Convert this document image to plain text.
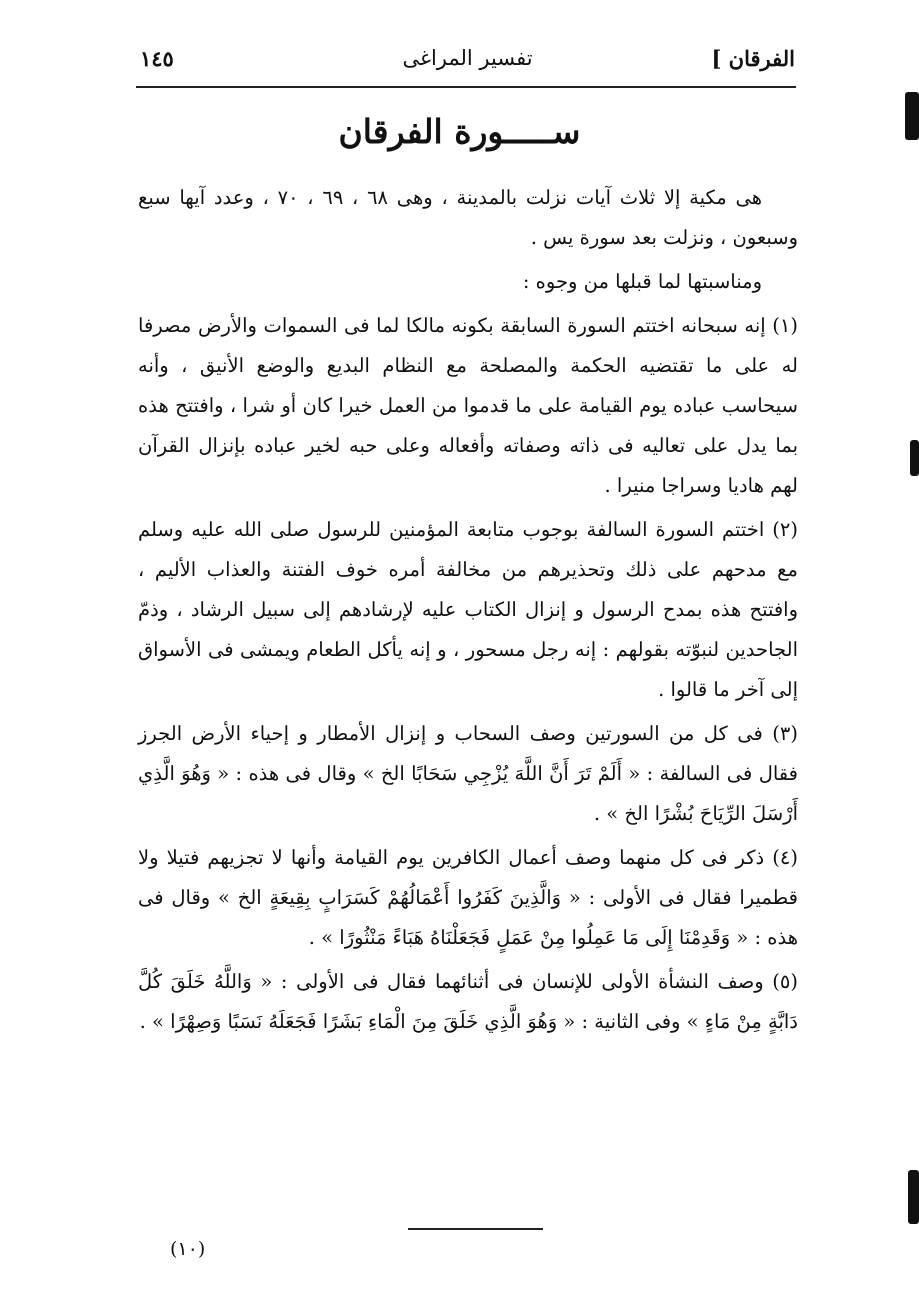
الفرقان ]
تفسير المراغى
١٤٥
ســـــورة الفرقان

هى مكية إلا ثلاث آيات نزلت بالمدينة ، وهى ٦٨ ، ٦٩ ، ٧٠ ، وعدد آيها سبع وسبعون ، ونزلت بعد سورة يس .

ومناسبتها لما قبلها من وجوه :

(١) إنه سبحانه اختتم السورة السابقة بكونه مالكا لما فى السموات والأرض مصرفا له على ما تقتضيه الحكمة والمصلحة مع النظام البديع والوضع الأنيق ، وأنه سيحاسب عباده يوم القيامة على ما قدموا من العمل خيرا كان أو شرا ، وافتتح هذه بما يدل على تعاليه فى ذاته وصفاته وأفعاله وعلى حبه لخير عباده بإنزال القرآن لهم هاديا وسراجا منيرا .

(٢) اختتم السورة السالفة بوجوب متابعة المؤمنين للرسول صلى الله عليه وسلم مع مدحهم على ذلك وتحذيرهم من مخالفة أمره خوف الفتنة والعذاب الأليم ، وافتتح هذه بمدح الرسول و إنزال الكتاب عليه لإرشادهم إلى سبيل الرشاد ، وذمّ الجاحدين لنبوّته بقولهم : إنه رجل مسحور ، و إنه يأكل الطعام ويمشى فى الأسواق إلى آخر ما قالوا .

(٣) فى كل من السورتين وصف السحاب و إنزال الأمطار و إحياء الأرض الجرز فقال فى السالفة : « أَلَمْ تَرَ أَنَّ اللَّهَ يُزْجِي سَحَابًا الخ » وقال فى هذه : « وَهُوَ الَّذِي أَرْسَلَ الرِّيَاحَ بُشْرًا الخ » .

(٤) ذكر فى كل منهما وصف أعمال الكافرين يوم القيامة وأنها لا تجزيهم فتيلا ولا قطميرا فقال فى الأولى : « وَالَّذِينَ كَفَرُوا أَعْمَالُهُمْ كَسَرَابٍ بِقِيعَةٍ الخ » وقال فى هذه : « وَقَدِمْنَا إِلَى مَا عَمِلُوا مِنْ عَمَلٍ فَجَعَلْنَاهُ هَبَاءً مَنْثُورًا » .

(٥) وصف النشأة الأولى للإنسان فى أثنائهما فقال فى الأولى : « وَاللَّهُ خَلَقَ كُلَّ دَابَّةٍ مِنْ مَاءٍ » وفى الثانية : « وَهُوَ الَّذِي خَلَقَ مِنَ الْمَاءِ بَشَرًا فَجَعَلَهُ نَسَبًا وَصِهْرًا » .

(١٠)
